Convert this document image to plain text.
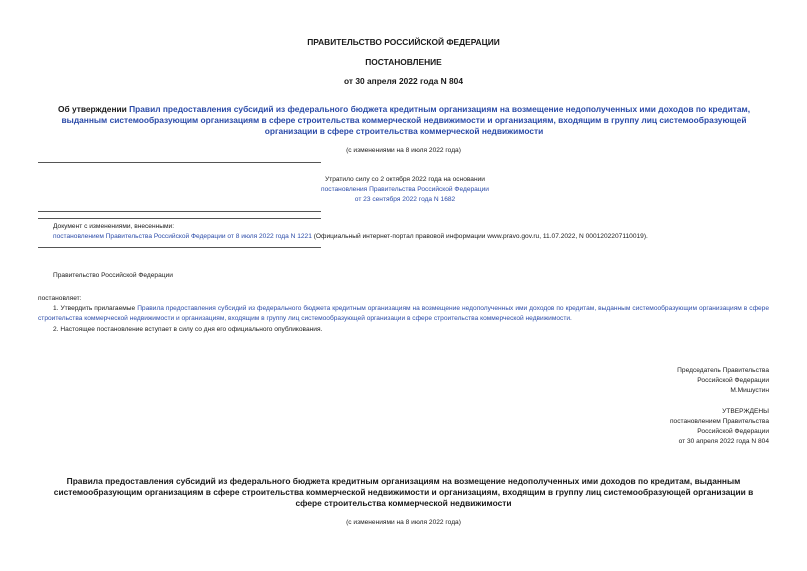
ПРАВИТЕЛЬСТВО РОССИЙСКОЙ ФЕДЕРАЦИИ
ПОСТАНОВЛЕНИЕ
от 30 апреля 2022 года N 804
Об утверждении Правил предоставления субсидий из федерального бюджета кредитным организациям на возмещение недополученных ими доходов по кредитам, выданным системообразующим организациям в сфере строительства коммерческой недвижимости и организациям, входящим в группу лиц системообразующей организации в сфере строительства коммерческой недвижимости
(с изменениями на 8 июля 2022 года)
Утратило силу со 2 октября 2022 года на основании
постановления Правительства Российской Федерации
от 23 сентября 2022 года N 1682
Документ с изменениями, внесенными:
постановлением Правительства Российской Федерации от 8 июля 2022 года N 1221 (Официальный интернет-портал правовой информации www.pravo.gov.ru, 11.07.2022, N 0001202207110019).
Правительство Российской Федерации
постановляет:
1. Утвердить прилагаемые Правила предоставления субсидий из федерального бюджета кредитным организациям на возмещение недополученных ими доходов по кредитам, выданным системообразующим организациям в сфере строительства коммерческой недвижимости и организациям, входящим в группу лиц системообразующей организации в сфере строительства коммерческой недвижимости.
2. Настоящее постановление вступает в силу со дня его официального опубликования.
Председатель Правительства
Российской Федерации
М.Мишустин
УТВЕРЖДЕНЫ
постановлением Правительства
Российской Федерации
от 30 апреля 2022 года N 804
Правила предоставления субсидий из федерального бюджета кредитным организациям на возмещение недополученных ими доходов по кредитам, выданным системообразующим организациям в сфере строительства коммерческой недвижимости и организациям, входящим в группу лиц системообразующей организации в сфере строительства коммерческой недвижимости
(с изменениями на 8 июля 2022 года)
